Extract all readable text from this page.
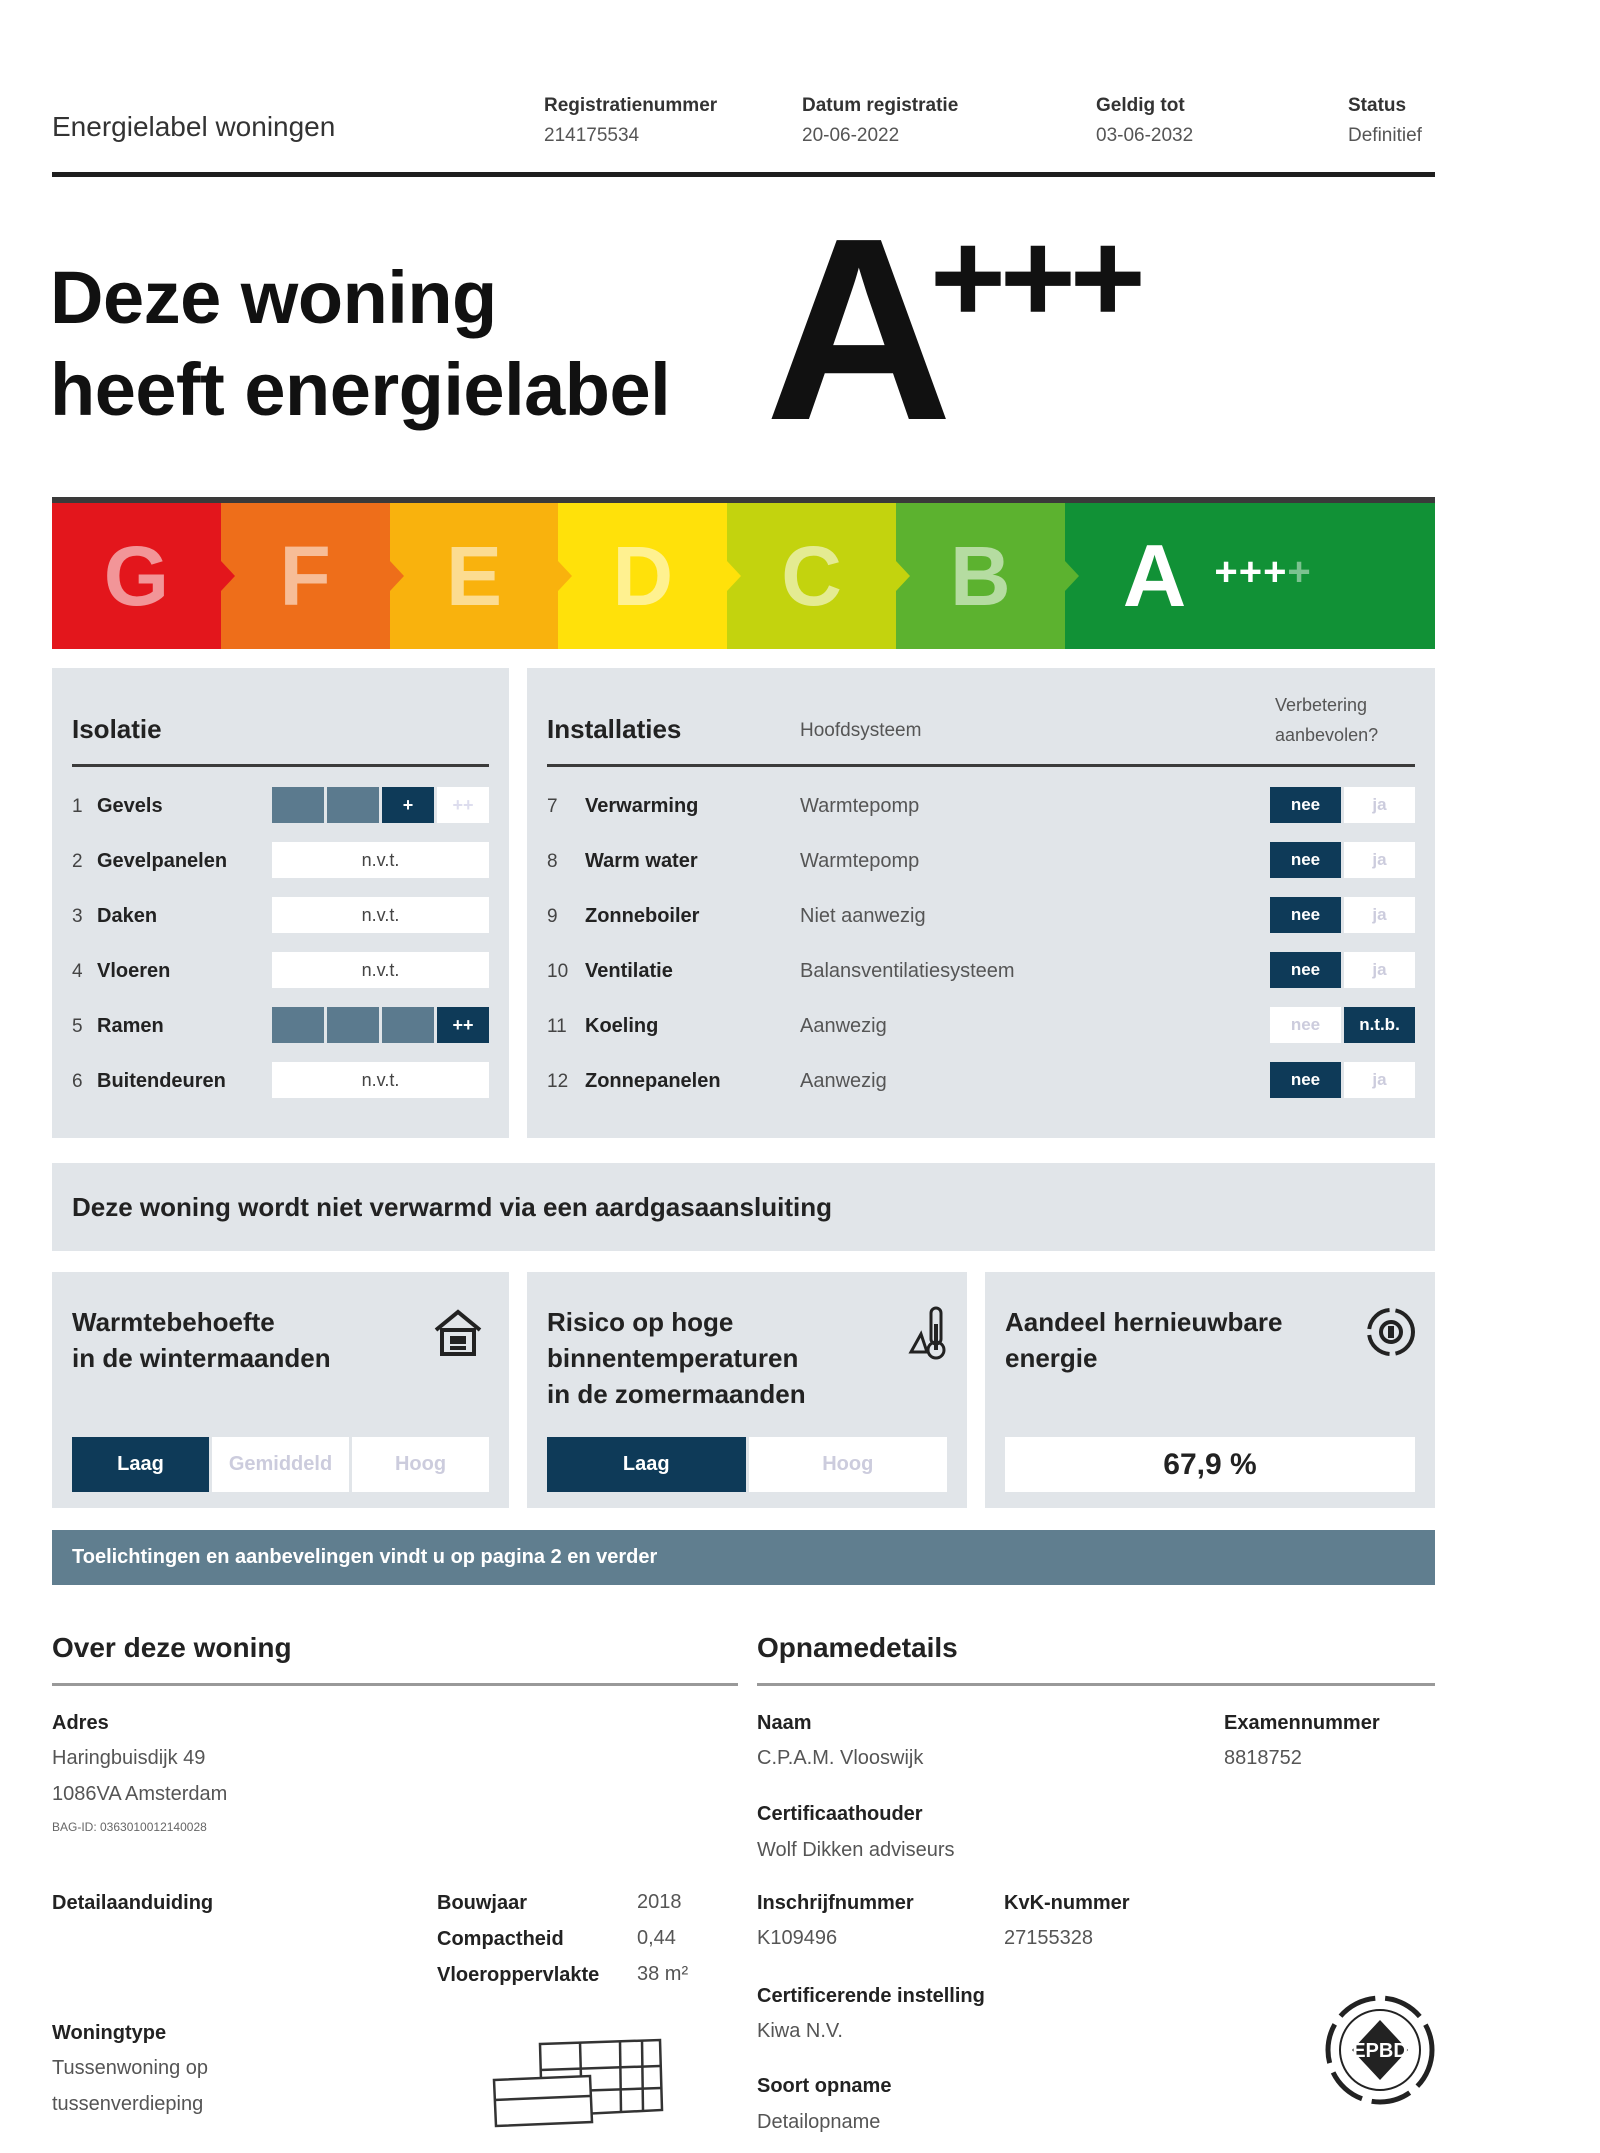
Energielabel woningen
Registratienummer
214175534
Datum registratie
20-06-2022
Geldig tot
03-06-2032
Status
Definitief
Deze woning
heeft energielabel A
+++
G F E D C B A ++++
Isolatie
1 Gevels	+	++
2 Gevelpanelen	n.v.t.
3 Daken	n.v.t.
4 Vloeren	n.v.t.
5 Ramen	++
6 Buitendeuren	n.v.t.
Installaties	Hoofdsysteem
Verbetering
aanbevolen?
7 Verwarming	Warmtepomp	nee	ja
8 Warm water	Warmtepomp	nee	ja
9 Zonneboiler	Niet aanwezig	nee	ja
10 Ventilatie	Balansventilatiesysteem	nee	ja
11 Koeling	Aanwezig	nee	n.t.b.
12 Zonnepanelen	Aanwezig	nee	ja
Deze woning wordt niet verwarmd via een aardgasaansluiting
Warmtebehoefte
in de wintermaanden
Laag	Gemiddeld	Hoog
Risico op hoge
binnentemperaturen
in de zomermaanden
Laag	Hoog
Aandeel hernieuwbare
energie
67,9 %
Toelichtingen en aanbevelingen vindt u op pagina 2 en verder
Over deze woning
Adres
Haringbuisdijk 49
1086VA Amsterdam
BAG-ID: 0363010012140028
Detailaanduiding	Bouwjaar	2018
Compactheid	0,44
Vloeroppervlakte 38 m²
Woningtype
Tussenwoning op
tussenverdieping
Opnamedetails
Naam
C.P.A.M. Vlooswijk
Examennummer
8818752
Certificaathouder
Wolf Dikken adviseurs
Inschrijfnummer
K109496
KvK-nummer
27155328
Certificerende instelling
Kiwa N.V.
Soort opname
Detailopname
EPBD
